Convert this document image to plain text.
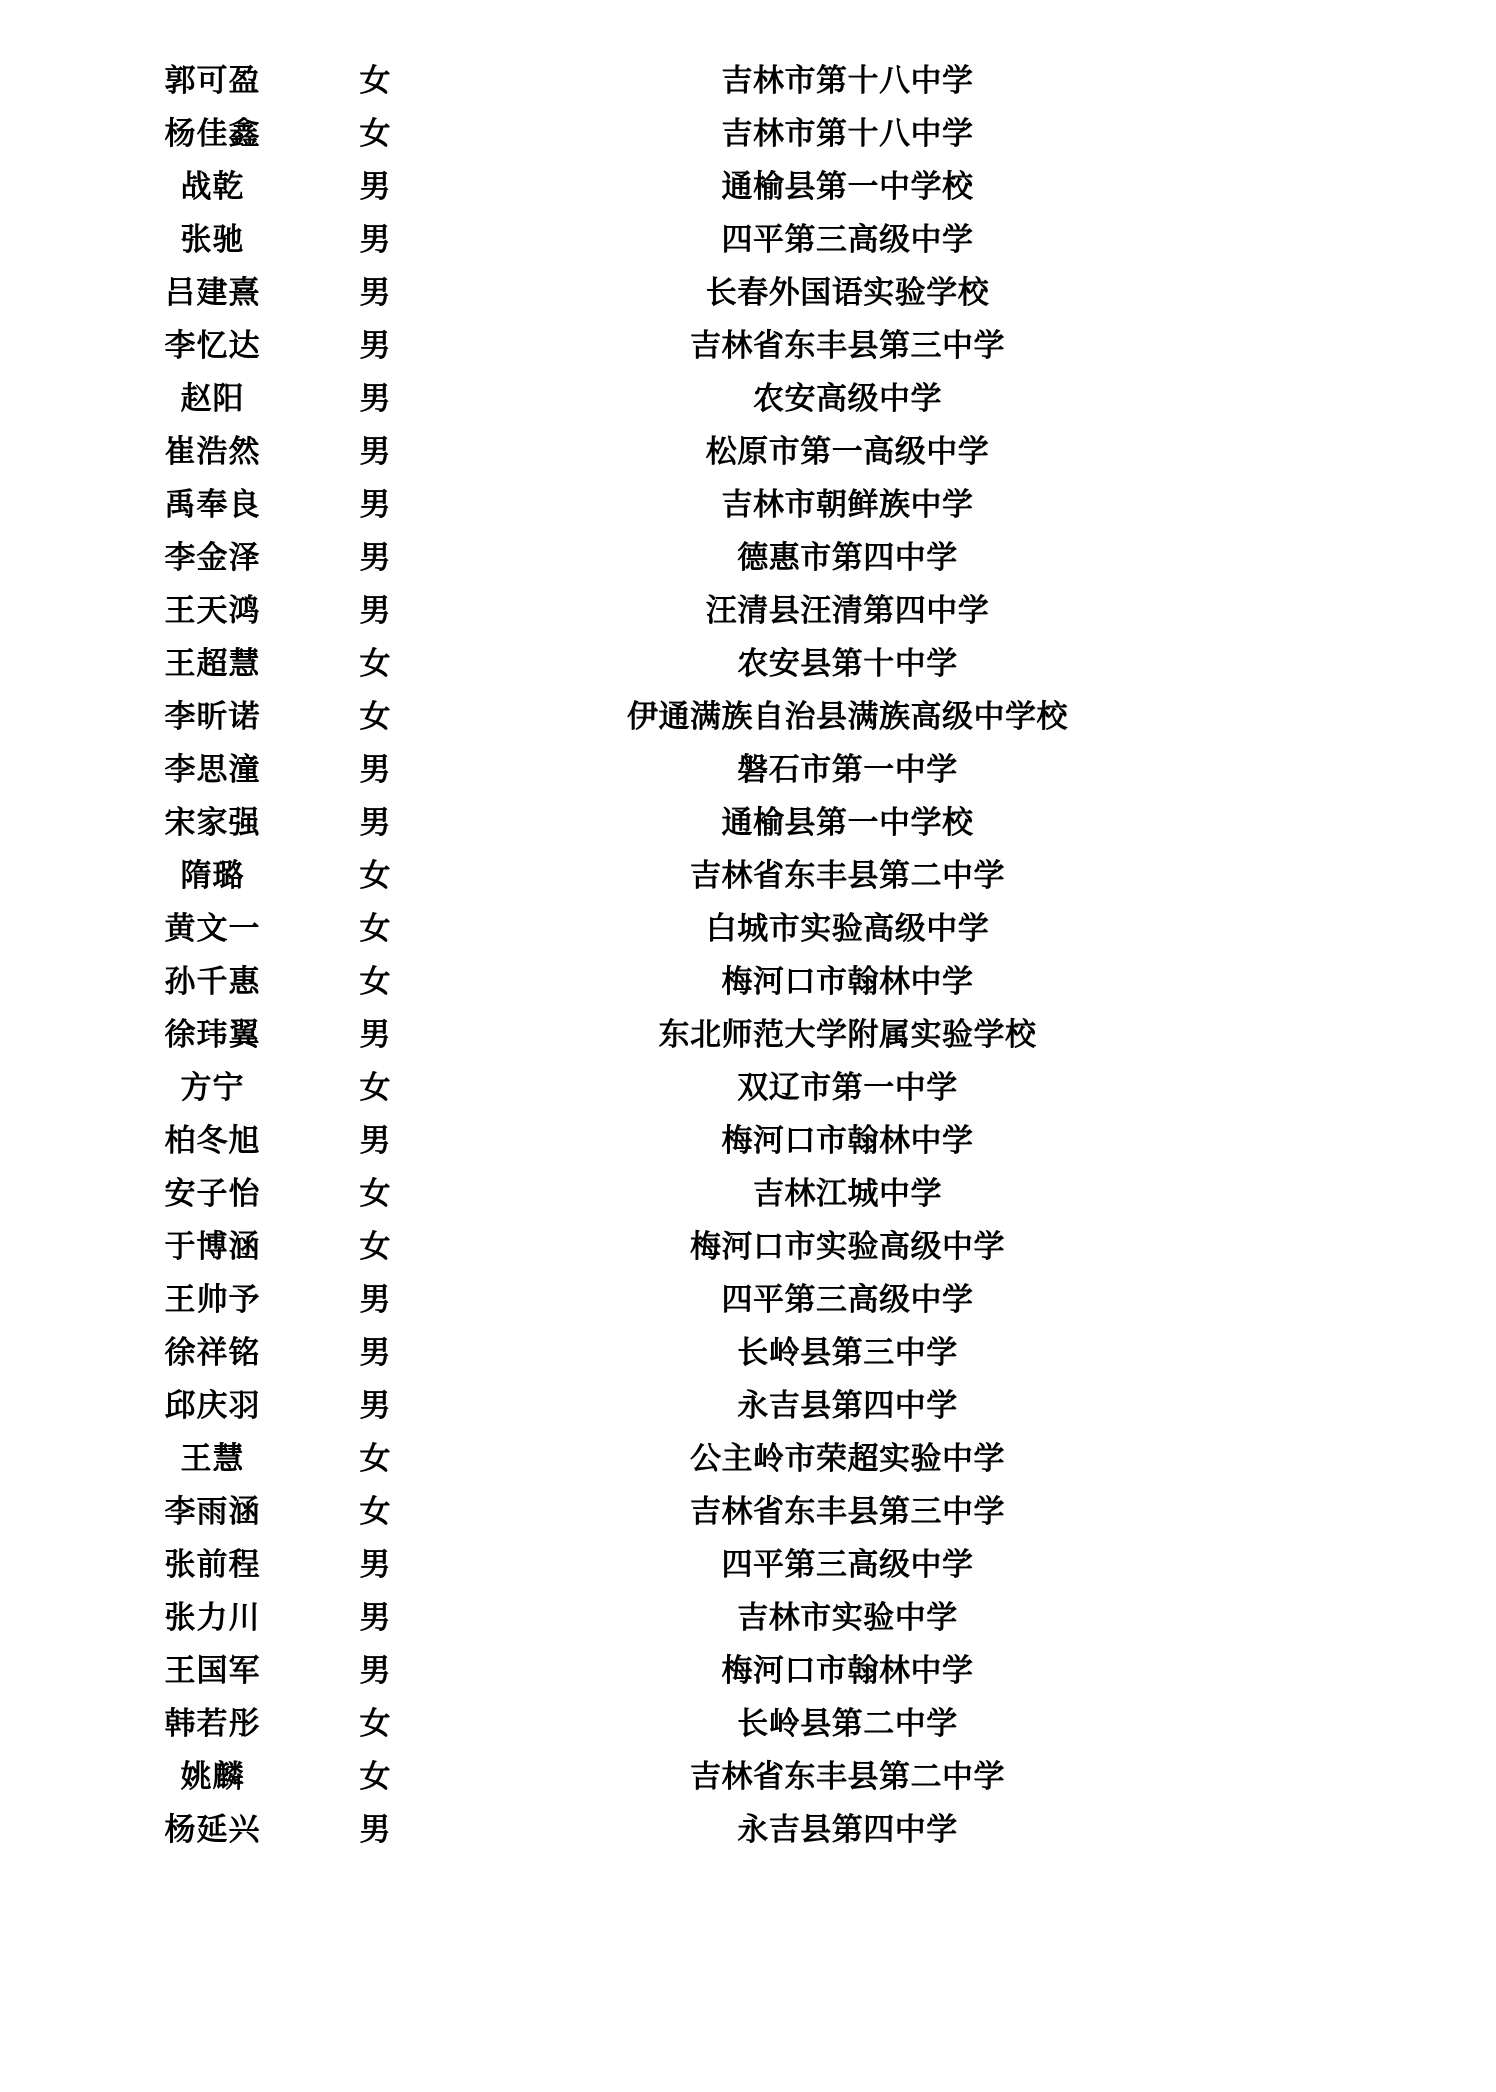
郭可盈	女	吉林市第十八中学
杨佳鑫	女	吉林市第十八中学
战乾	男	通榆县第一中学校
张驰	男	四平第三高级中学
吕建熹	男	长春外国语实验学校
李忆达	男	吉林省东丰县第三中学
赵阳	男	农安高级中学
崔浩然	男	松原市第一高级中学
禹奉良	男	吉林市朝鲜族中学
李金泽	男	德惠市第四中学
王天鸿	男	汪清县汪清第四中学
王超慧	女	农安县第十中学
李昕诺	女	伊通满族自治县满族高级中学校
李思潼	男	磐石市第一中学
宋家强	男	通榆县第一中学校
隋璐	女	吉林省东丰县第二中学
黄文一	女	白城市实验高级中学
孙千惠	女	梅河口市翰林中学
徐玮翼	男	东北师范大学附属实验学校
方宁	女	双辽市第一中学
柏冬旭	男	梅河口市翰林中学
安子怡	女	吉林江城中学
于博涵	女	梅河口市实验高级中学
王帅予	男	四平第三高级中学
徐祥铭	男	长岭县第三中学
邱庆羽	男	永吉县第四中学
王慧	女	公主岭市荣超实验中学
李雨涵	女	吉林省东丰县第三中学
张前程	男	四平第三高级中学
张力川	男	吉林市实验中学
王国军	男	梅河口市翰林中学
韩若彤	女	长岭县第二中学
姚麟	女	吉林省东丰县第二中学
杨延兴	男	永吉县第四中学
